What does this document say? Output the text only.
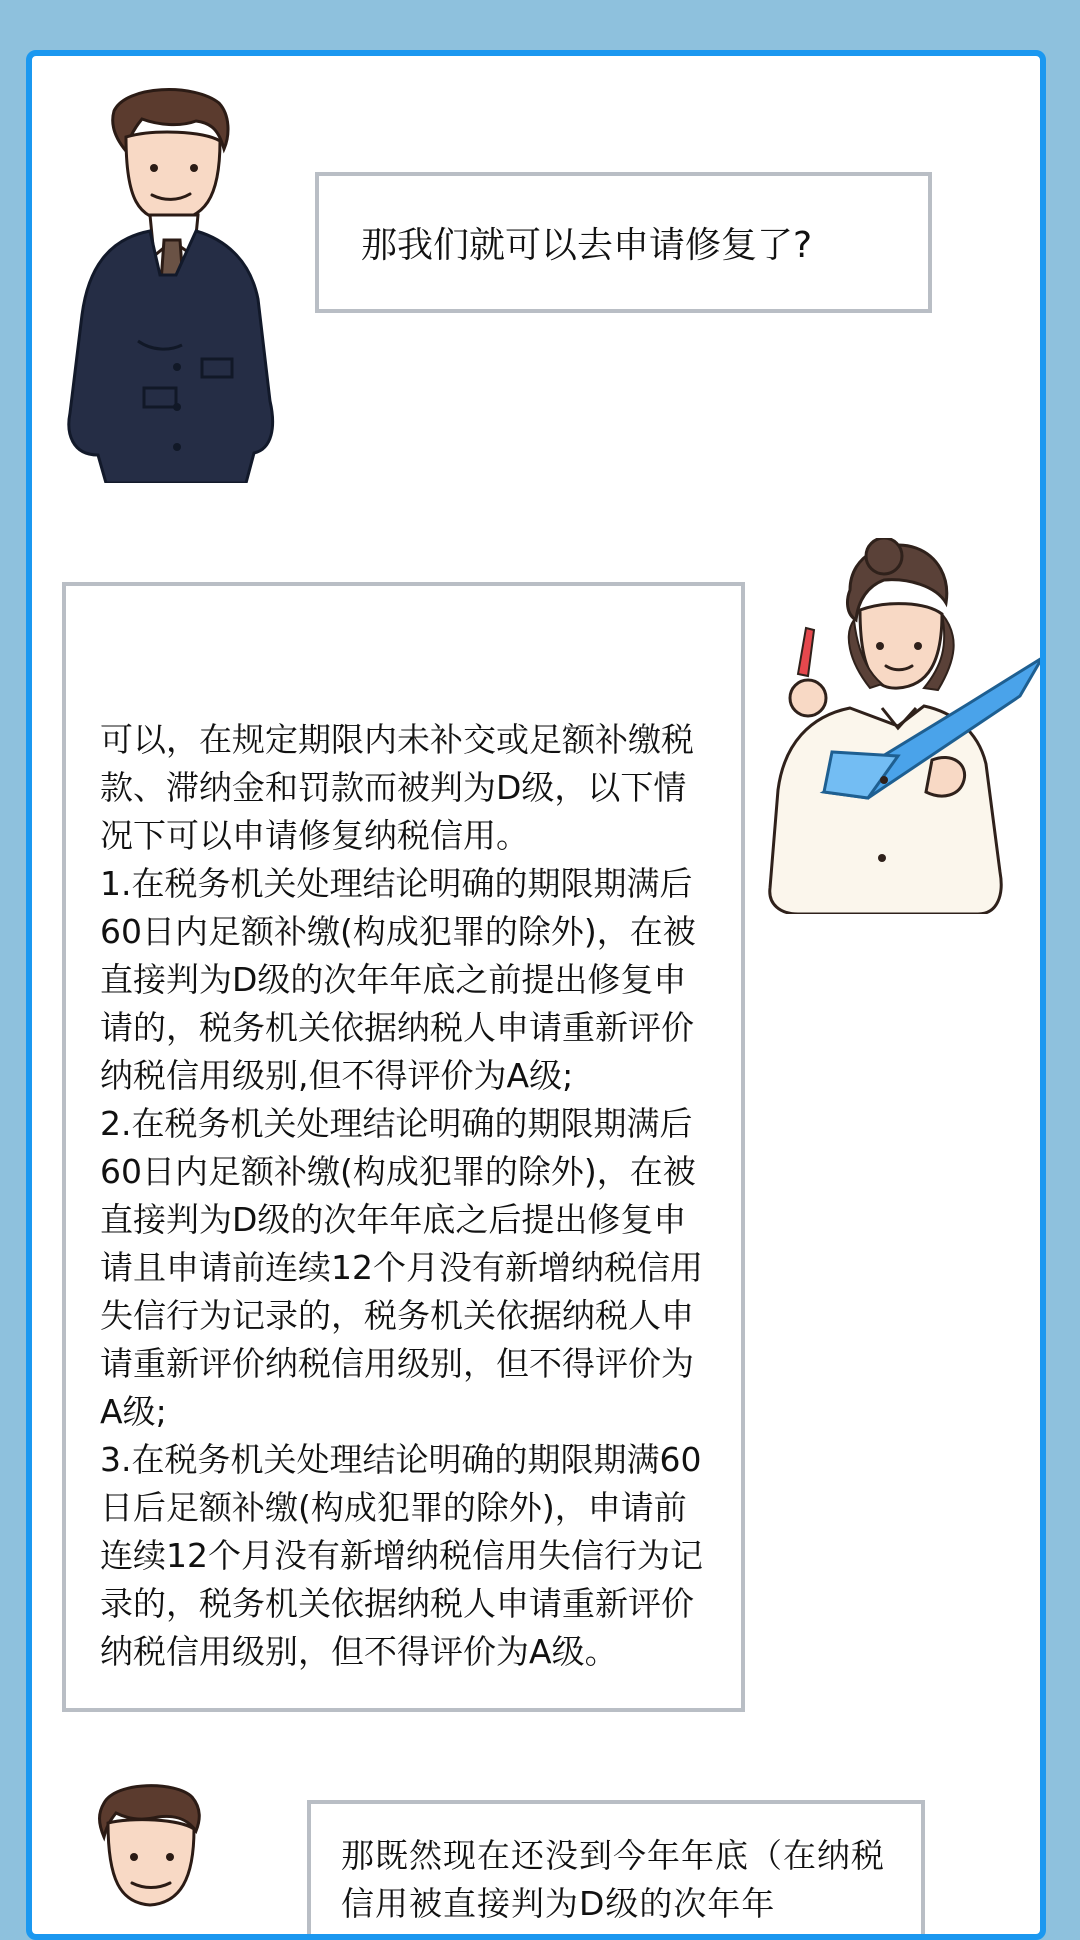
那我们就可以去申请修复了?

可以，在规定期限内未补交或足额补缴税款、滞纳金和罚款而被判为D级，以下情况下可以申请修复纳税信用。
1.在税务机关处理结论明确的期限期满后60日内足额补缴(构成犯罪的除外)，在被直接判为D级的次年年底之前提出修复申请的，税务机关依据纳税人申请重新评价纳税信用级别,但不得评价为A级;
2.在税务机关处理结论明确的期限期满后60日内足额补缴(构成犯罪的除外)，在被直接判为D级的次年年底之后提出修复申请且申请前连续12个月没有新增纳税信用失信行为记录的，税务机关依据纳税人申请重新评价纳税信用级别，但不得评价为A级;
3.在税务机关处理结论明确的期限期满60日后足额补缴(构成犯罪的除外)，申请前连续12个月没有新增纳税信用失信行为记录的，税务机关依据纳税人申请重新评价纳税信用级别，但不得评价为A级。

那既然现在还没到今年年底（在纳税信用被直接判为D级的次年年
